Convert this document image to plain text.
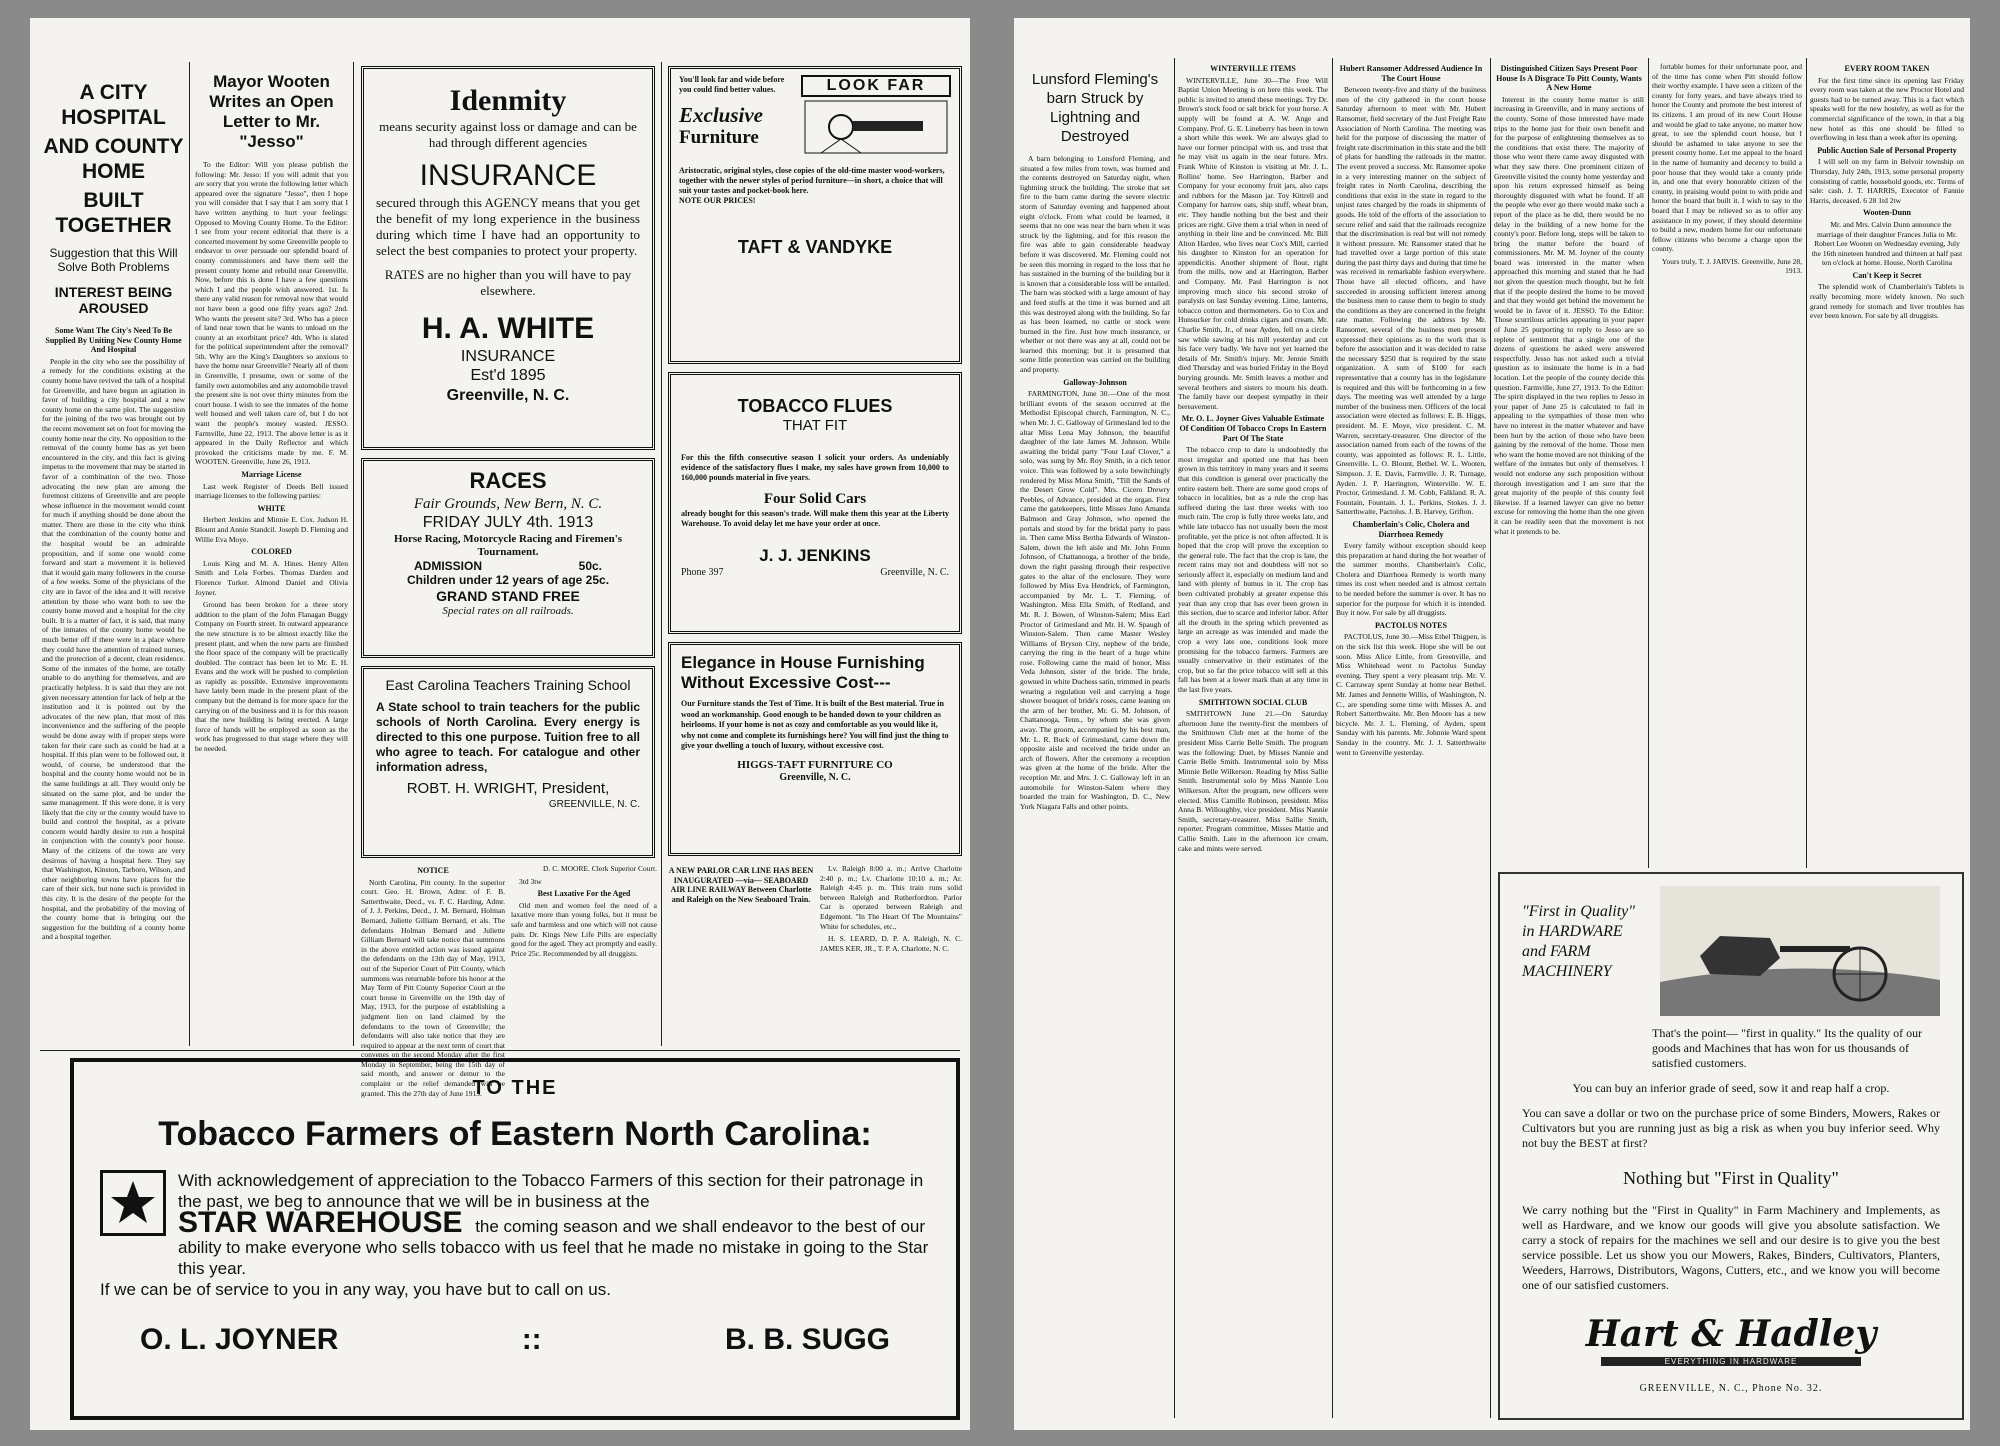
A CITY HOSPITAL

AND COUNTY HOME

BUILT TOGETHER

Suggestion that this Will Solve Both Problems

INTEREST BEING AROUSED

Some Want The City's Need To Be Supplied By Uniting New County Home And Hospital

People in the city who see the possibility of a remedy for the conditions existing at the county home have revived the talk of a hospital for Greenville, and have begun an agitation in favor of building a city hospital and a new county home on the same plot. The suggestion for the joining of the two was brought out by the recent movement set on foot for moving the county home near the city. No opposition to the removal of the county home has as yet been encountered in the city, and this fact is giving impetus to the movement that may be started in favor of a combination of the two. Those advocating the new plan are among the foremost citizens of Greenville and are people whose influence in the movement would count for much if anything should be done about the matter. There are those in the city who think that the combination of the county home and the hospital would be an admirable proposition, and if some one would come forward and start a movement it is believed that it would gain many followers in the course of a few weeks. Some of the physicians of the city are in favor of the idea and it will receive attention by those who want both to see the county home moved and a hospital for the city built. It is a matter of fact, it is said, that many of the inmates of the county home would be much better off if there were in a place where they could have the attention of trained nurses, and the protection of a decent, clean residence. Some of the inmates of the home, are totally unable to do anything for themselves, and are practically helpless. It is said that they are not given necessary attention for lack of help at the institution and it is pointed out by the advocates of the new plan, that most of this inconvenience and the suffering of the people would be done away with if proper steps were taken for their care such as could be had at a hospital. If this plan were to be followed out, it would, of course, be understood that the hospital and the county home would not be in the same buildings at all. They would only be situated on the same plot, and be under the same management. If this were done, it is very likely that the city or the county would have to build and control the hospital, as a private concern would hardly desire to run a hospital in conjunction with the county's poor house. Many of the citizens of the town are very desirous of having a hospital here. They say that Washington, Kinston, Tarboro, Wilson, and other neighboring towns have places for the care of their sick, but none such is provided in this city. It is the desire of the people for the hospital, and the probability of the moving of the county home that is bringing out the suggestion for the building of a county home and a hospital together.

Mayor Wooten Writes an Open Letter to Mr. "Jesso"

To the Editor: Will you please publish the following: Mr. Jesso: If you will admit that you are sorry that you wrote the following letter which appeared over the signature "Jesso", then I hope you will consider that I say that I am sorry that I have written anything to hurt your feelings: Opposed to Moving County Home. To the Editor: I see from your recent editorial that there is a concerted movement by some Greenville people to endeavor to over persuade our splendid board of county commissioners and have them sell the present county home and rebuild near Greenville. Now, before this is done I have a few questions which I and the people wish answered. 1st. Is there any valid reason for removal now that would not have been a good one fifty years ago? 2nd. Who wants the present site? 3rd. Who has a piece of land near town that he wants to unload on the county at an exorbitant price? 4th. Who is slated for the political superintendent after the removal? 5th. Why are the King's Daughters so anxious to have the home near Greenville? Nearly all of them in Greenville, I presume, own or some of the family own automobiles and any automobile travel the present site is not over thirty minutes from the court house. I wish to see the inmates of the home well housed and well taken care of, but I do not want the people's money wasted. JESSO. Farmville, June 22, 1913. The above letter is as it appeared in the Daily Reflector and which provoked the criticisms made by me. F. M. WOOTEN. Greenville, June 26, 1913.

Marriage License

Last week Register of Deeds Bell issued marriage licenses to the following parties:

WHITE

Herbert Jenkins and Minnie E. Cox. Judson H. Blount and Annie Standcil. Joseph D. Fleming and Willie Eva Moye.

COLORED

Louis King and M. A. Hines. Henry Allen Smith and Lela Forbes. Thomas Darden and Florence Turker. Almond Daniel and Olivia Joyner.

Ground has been broken for a three story addition to the plant of the John Flanagan Buggy Company on Fourth street. In outward appearance the new structure is to be almost exactly like the present plant, and when the new parts are finished the floor space of the company will be practically doubled. The contract has been let to Mr. E. H. Evans and the work will be pushed to completion as rapidly as possible. Extensive improvements have lately been made in the present plant of the company but the demand is for more space for the carrying on of the business and it is for this reason that the new building is being erected. A large force of hands will be employed as soon as the work has progressed to that stage where they will be needed.

Idenmity

means security against loss or damage and can be had through different agencies

INSURANCE

secured through this AGENCY means that you get the benefit of my long experience in the business during which time I have had an opportunity to select the best companies to protect your property.

RATES are no higher than you will have to pay elsewhere.

H. A. WHITE

INSURANCE

Est'd 1895

Greenville, N. C.

RACES

Fair Grounds, New Bern, N. C.

FRIDAY JULY 4th. 1913

Horse Racing, Motorcycle Racing and Firemen's Tournament.

ADMISSION	50c.

Children under 12 years of age 25c.

GRAND STAND FREE

Special rates on all railroads.

East Carolina Teachers Training School

A State school to train teachers for the public schools of North Carolina. Every energy is directed to this one purpose. Tuition free to all who agree to teach. For catalogue and other information adress,

ROBT. H. WRIGHT, President,

GREENVILLE, N. C.

NOTICE

North Carolina, Pitt county. In the superior court. Geo. H. Brown, Admr. of F. B. Satterthwaite, Decd., vs. F. C. Harding, Admr. of J. J. Perkins, Decd., J. M. Bernard, Holman Bernard, Juliette Gilliam Bernard, et als. The defendants Holman Bernard and Juliette Gilliam Bernard will take notice that summons in the above entitled action was issued against the defendants on the 13th day of May, 1913, out of the Superior Court of Pitt County, which summons was returnable before his honor at the May Term of Pitt County Superior Court at the court house in Greenville on the 19th day of May, 1913, for the purpose of establishing a judgment lien on land claimed by the defendants to the town of Greenville; the defendants will also take notice that they are required to appear at the next term of court that convenes on the second Monday after the first Monday in September, being the 15th day of said month, and answer or demur to the complaint or the relief demanded will be granted. This the 27th day of June 1913.

D. C. MOORE. Clerk Superior Court.

3td 3tw

Best Laxative For the Aged

Old men and women feel the need of a laxative more than young folks, but it must be safe and harmless and one which will not cause pain. Dr. Kings New Life Pills are especially good for the aged. They act promptly and easily. Price 25c. Recommended by all druggists.

You'll look far and wide before you could find better values.

Exclusive

Furniture

LOOK FAR

Aristocratic, original styles, close copies of the old-time master wood-workers, together with the newer styles of period furniture—in short, a choice that will suit your tastes and pocket-book here.

NOTE OUR PRICES!

TAFT & VANDYKE

TOBACCO FLUES

THAT FIT

For this the fifth consecutive season I solicit your orders. As undeniably evidence of the satisfactory flues I make, my sales have grown from 10,000 to 160,000 pounds material in five years.

Four Solid Cars

already bought for this season's trade. Will make them this year at the Liberty Warehouse. To avoid delay let me have your order at once.

J. J. JENKINS

Phone 397	Greenville, N. C.

Elegance in House Furnishing Without Excessive Cost---

Our Furniture stands the Test of Time. It is built of the Best material. True in wood an workmanship. Good enough to be handed down to your children as heirlooms. If your home is not as cozy and comfortable as you would like it, why not come and complete its furnishings here? You will find just the thing to give your dwelling a touch of luxury, without excessive cost.

HIGGS-TAFT FURNITURE CO

Greenville, N. C.

A NEW PARLOR CAR LINE HAS BEEN INAUGURATED —via— SEABOARD AIR LINE RAILWAY Between Charlotte and Raleigh on the New Seaboard Train.

Lv. Raleigh 8:00 a. m.; Arrive Charlotte 2:40 p. m.; Lv. Charlotte 10:10 a. m.; Ar. Raleigh 4:45 p. m. This train runs solid between Raleigh and Rutherfordton. Parlor Car is operated between Raleigh and Edgemont. "In The Heart Of The Mountains" White for schedules, etc.,

H. S. LEARD, D. P. A. Raleigh, N. C. JAMES KER, JR., T. P. A. Charlotte, N. C.

TO THE

Tobacco Farmers of Eastern North Carolina:

With acknowledgement of appreciation to the Tobacco Farmers of this section for their patronage in the past, we beg to announce that we will be in business at the STAR WAREHOUSE the coming season and we shall endeavor to the best of our ability to make everyone who sells tobacco with us feel that he made no mistake in going to the Star this year.

If we can be of service to you in any way, you have but to call on us.

O. L. JOYNER	::	B. B. SUGG

Lunsford Fleming's barn Struck by Lightning and Destroyed

A barn belonging to Lunsford Fleming, and situated a few miles from town, was burned and the contents destroyed on Saturday night, when lightning struck the building. The stroke that set fire to the barn came during the severe electric storm of Saturday evening and happened about eight o'clock. From what could be learned, it seems that no one was near the barn when it was struck by the lightning, and for this reason the fire was able to gain considerable headway before it was discovered. Mr. Fleming could not be seen this morning in regard to the loss that he has sustained in the burning of the building but it is known that a considerable loss will be entailed. The barn was stocked with a large amount of hay and feed stuffs at the time it was burned and all this was destroyed along with the building. So far as has been learned, no cattle or stock were burned in the fire. Just how much insurance, or whether or not there was any at all, could not be learned this morning; but it is presumed that some little protection was carried on the building and property.

Galloway-Johnson

FARMINGTON, June 30.—One of the most brilliant events of the season occurred at the Methodist Episcopal church, Farmington, N. C., when Mr. J. C. Galloway of Grimesland led to the altar Miss Lena May Johnson, the beautiful daughter of the late James M. Johnson. While awaiting the bridal party "Four Leaf Clover," a solo, was sung by Mr. Roy Smith, in a rich tenor voice. This was followed by a solo bewitchingly rendered by Miss Mona Smith, "Till the Sands of the Desert Grow Cold". Mrs. Cicero Drewry Peebles, of Advance, presided at the organ. First came the gatekeepers, little Misses Juno Amanda Balmson and Gray Johnson, who opened the portals and stood by for the bridal party to pass in. Then came Miss Bertha Edwards of Winston-Salem, down the left aisle and Mr. John Frunn Johnson, of Chattanooga, a brother of the bride, down the right passing through their respective gates to the altar of the enclosure. They were followed by Miss Eva Hendrick, of Farmington, accompanied by Mr. L. T. Fleming, of Washington. Miss Ella Smith, of Redland, and Mr. R. J. Bowen, of Winston-Salem; Miss Earl Proctor of Grimesland and Mr. H. W. Spaugh of Winston-Salem. Then came Master Wesley Williams of Bryson City, nephew of the bride, carrying the ring in the heart of a huge white rose. Following came the maid of honor, Miss Veda Johnson, sister of the bride. The bride, gowned in white Duchess satin, trimmed in pearls wearing a regulation veil and carrying a huge shower bouquet of bride's roses, came leaning on the arm of her brother, Mr. G. M. Johnson, of Chattanooga, Tenn., by whom she was given away. The groom, accompanied by his best man, Mr. L. R. Buck of Grimesland, came down the opposite aisle and received the bride under an arch of flowers. After the ceremony a reception was given at the home of the bride. After the reception Mr. and Mrs. J. C. Galloway left in an automobile for Winston-Salem where they boarded the train for Washington, D. C., New York Niagara Falls and other points.

WINTERVILLE ITEMS

WINTERVILLE, June 30—The Free Will Baptist Union Meeting is on here this week. The public is invited to attend these meetings. Try Dr. Brown's stock food or salt brick for your horse. A supply will be found at A. W. Ange and Company. Prof. G. E. Lineberry has been in town a short while this week. We are always glad to have our former principal with us, and trust that he may visit us again in the near future. Mrs. Frank White of Kinston is visiting at Mr. J. L. Rollins' home. See Harrington, Barber and Company for your economy fruit jars, also caps and rubbers for the Mason jar. Toy Kittrell and Company for harrow oats, ship stuff, wheat bran, etc. They handle nothing but the best and their prices are right. Give them a trial when in need of anything in their line and be convinced. Mr. Bill Alton Hardee, who lives near Cox's Mill, carried his daughter to Kinston for an operation for appendicitis. Another shipment of flour, right from the mills, now and at Harrington, Barber and Company. Mr. Paul Harrington is not improving much since his second stroke of paralysis on last Sunday evening. Lime, lanterns, tobacco cotton and thermometers. Go to Cox and Hunsucker for cold drinks cigars and cream. Mr. Charlie Smith, Jr., of near Ayden, fell on a circle saw while sawing at his mill yesterday and cut his face very badly. We have not yet learned the details of Mr. Smith's injury. Mr. Jennie Smith died Thursday and was buried Friday in the Boyd burying grounds. Mr. Smith leaves a mother and several brothers and sisters to mourn his death. The family have our deepest sympathy in their bereavement.

Mr. O. L. Joyner Gives Valuable Estimate Of Condition Of Tobacco Crops In Eastern Part Of The State

The tobacco crop to date is undoubtedly the most irregular and spotted one that has been grown in this territory in many years and it seems that this condition is general over practically the entire eastern belt. There are some good crops of tobacco in localities, but as a rule the crop has suffered during the last three weeks with too much rain. The crop is fully three weeks late, and while late tobacco has not usually been the most profitable, yet the price is not often affected. It is hoped that the crop will prove the exception to the general rule. The fact that the crop is late, the recent rains may not and doubtless will not so seriously affect it, especially on medium land and land with plenty of humus in it. The crop has been cultivated probably at greater expense this year than any crop that has ever been grown in this section, due to scarce and inferior labor. After all the drouth in the spring which prevented as large an acreage as was intended and made the crop a very late one, conditions look more promising for the tobacco farmers. Farmers are usually conservative in their estimates of the crop, but so far the price tobacco will sell at this fall has been at a lower mark than at any time in the last five years.

SMITHTOWN SOCIAL CLUB

SMITHTOWN June 21.—On Saturday afternoon June the twenty-first the members of the Smithtown Club met at the home of the president Miss Carrie Belle Smith. The program was the following: Duet, by Misses Nannie and Carrie Belle Smith. Instrumental solo by Miss Minnie Belle Wilkerson. Reading by Miss Sallie Smith. Instrumental solo by Miss Nannie Lou Wilkerson. After the program, new officers were elected. Miss Camille Robinson, president. Miss Anna B. Willoughby, vice president. Miss Nannie Smith, secretary-treasurer. Miss Sallie Smith, reporter. Program committee, Misses Mattie and Callie Smith. Late in the afternoon ice cream, cake and mints were served.

Hubert Ransomer Addressed Audience In The Court House

Between twenty-five and thirty of the business men of the city gathered in the court house Saturday afternoon to meet with Mr. Hubert Ransomer, field secretary of the Just Freight Rate Association of North Carolina. The meeting was held for the purpose of discussing the matter of freight rate discrimination in this state and the bill of plans for handling the railroads in the matter. The event proved a success. Mr. Ransomer spoke in a very interesting manner on the subject of freight rates in North Carolina, describing the conditions that exist in the state in regard to the unjust rates charged by the roads in shipments of goods. He told of the efforts of the association to secure relief and said that the railroads recognize that the discrimination is real but will not remedy it without pressure. Mr. Ransomer stated that he had travelled over a large portion of this state during the past thirty days and during that time he was received in remarkable fashion everywhere. Those have all elected officers, and have succeeded in arousing sufficient interest among the business men to cause them to begin to study the conditions as they are concerned in the freight rate matter. Following the address by Mr. Ransomer, several of the business men present expressed their opinions as to the work that is before the association and it was decided to raise the necessary $250 that is required by the state organization. A sum of $100 for each representative that a county has in the legislature is required and this will be forthcoming in a few days. The meeting was well attended by a large number of the business men. Officers of the local association were elected as follows: E. B. Higgs, president. M. F. Moye, vice president. C. M. Warren, secretary-treasurer. One director of the association named from each of the towns of the county, was appointed as follows: R. L. Little, Greenville. L. O. Blount, Bethel. W. L. Wooten, Simpson. J. E. Davis, Farmville. J. R. Turnage, Ayden. J. P. Harrington, Winterville. W. E. Proctor, Grimesland. J. M. Cobb, Falkland. R. A. Fountain, Fountain. J. L. Perkins, Stokes. J. J. Satterthwaite, Pactolus. J. B. Harvey, Grifton.

Chamberlain's Colic, Cholera and Diarrhoea Remedy

Every family without exception should keep this preparation at hand during the hot weather of the summer months. Chamberlain's Colic, Cholera and Diarrhoea Remedy is worth many times its cost when needed and is almost certain to be needed before the summer is over. It has no superior for the purpose for which it is intended. Buy it now. For sale by all druggists.

PACTOLUS NOTES

PACTOLUS, June 30.—Miss Ethel Thigpen, is on the sick list this week. Hope she will be out soon. Miss Alice Little, from Greenville, and Miss Whitehead went to Pactolus Sunday evening. They spent a very pleasant trip. Mr. V. C. Carraway spent Sunday at home near Bethel. Mr. James and Jennette Willis, of Washington, N. C., are spending some time with Misses A. and Robert Satterthwaite. Mr. Ben Moore has a new bicycle. Mr. J. L. Fleming, of Ayden, spent Sunday with his parents. Mr. Johnnie Ward spent Sunday in the country. Mr. J. J. Satterthwaite went to Greenville yesterday.

Distinguished Citizen Says Present Poor House Is A Disgrace To Pitt County, Wants A New Home

Interest in the county home matter is still increasing in Greenville, and in many sections of the county. Some of those interested have made trips to the home just for their own benefit and for the purpose of enlightening themselves as to the conditions that exist there. The majority of those who went there came away disgusted with what they saw there. One prominent citizen of Greenville visited the county home yesterday and upon his return expressed himself as being thoroughly disgusted with what he found. If all the people who ever go there would make such a report of the place as he did, there would be no delay in the building of a new home for the county's poor. Before long, steps will be taken to bring the matter before the board of commissioners. Mr. M. M. Joyner of the county board was interested in the matter when approached this morning and stated that he had not given the question much thought, but he felt that if the people desired the home to be moved and that they would get behind the movement he would be in favor of it. JESSO. To the Editor: Those scurrilous articles appearing in your paper of June 25 purporting to reply to Jesso are so replete of sentiment that a single one of the dozens of questions he asked were answered respectfully. Jesso has not asked such a trivial question as to insinuate the home is in a bad location. Let the people of the county decide this question. Farmville, June 27, 1913. To the Editor: The spirit displayed in the two replies to Jesso in your paper of June 25 is calculated to fail in appealing to the sympathies of those men who have no interest in the matter whatever and have been hurt by the action of those who have been gaining by the removal of the home. Those men who want the home moved are not thinking of the welfare of the inmates but only of themselves. I would not endorse any such proposition without thorough investigation and I am sure that the great majority of the people of this county feel likewise. If a learned lawyer can give no better excuse for removing the home than the one given it can be readily seen that the movement is not what it pretends to be.

fortable homes for their unfortunate poor, and of the time has come when Pitt should follow their worthy example. I have seen a citizen of the county for forty years, and have always tried to honor the County and promote the best interest of its citizens. I am proud of its new Court House and would be glad to take anyone, no matter how great, to see the splendid court house, but I should be ashamed to take anyone to see the present county home. Let me appeal to the board in the name of humanity and decency to build a poor house that they would take a county pride in, and one that every honorable citizen of the county, in praising would point to with pride and honor the board that built it. I wish to say to the board that I may be relieved so as to offer any assistance in my power, if they should determine to build a new, modern home for our unfortunate fellow citizens who become a charge upon the county.

Yours truly, T. J. JARVIS. Greenville, June 28, 1913.

EVERY ROOM TAKEN

For the first time since its opening last Friday every room was taken at the new Proctor Hotel and guests had to be turned away. This is a fact which speaks well for the new hostelry, as well as for the commercial significance of the town, in that a big new hotel as this one should be filled to overflowing in less than a week after its opening.

Public Auction Sale of Personal Property

I will sell on my farm in Belvoir township on Thursday, July 24th, 1913, some personal property consisting of cattle, household goods, etc. Terms of sale: cash. J. T. HARRIS, Executor of Fannie Harris, deceased. 6 28 1td 2tw

Wooten-Dunn

Mr. and Mrs. Calvin Dunn announce the marriage of their daughter Frances Julia to Mr. Robert Lee Wooten on Wednesday evening, July the 16th nineteen hundred and thirteen at half past ten o'clock at home. House, North Carolina

Can't Keep it Secret

The splendid work of Chamberlain's Tablets is really becoming more widely known. No such grand remedy for stomach and liver troubles has ever been known. For sale by all druggists.

"First in Quality"

in HARDWARE and FARM MACHINERY

That's the point— "first in quality." Its the quality of our goods and Machines that has won for us thousands of satisfied customers.

You can buy an inferior grade of seed, sow it and reap half a crop.

You can save a dollar or two on the purchase price of some Binders, Mowers, Rakes or Cultivators but you are running just as big a risk as when you buy inferior seed. Why not buy the BEST at first?

Nothing but "First in Quality"

We carry nothing but the "First in Quality" in Farm Machinery and Implements, as well as Hardware, and we know our goods will give you absolute satisfaction. We carry a stock of repairs for the machines we sell and our desire is to give you the best service possible. Let us show you our Mowers, Rakes, Binders, Cultivators, Planters, Weeders, Harrows, Distributors, Wagons, Cutters, etc., and we know you will become one of our satisfied customers.

Hart & Hadley
EVERYTHING IN HARDWARE

GREENVILLE, N. C., Phone No. 32.
